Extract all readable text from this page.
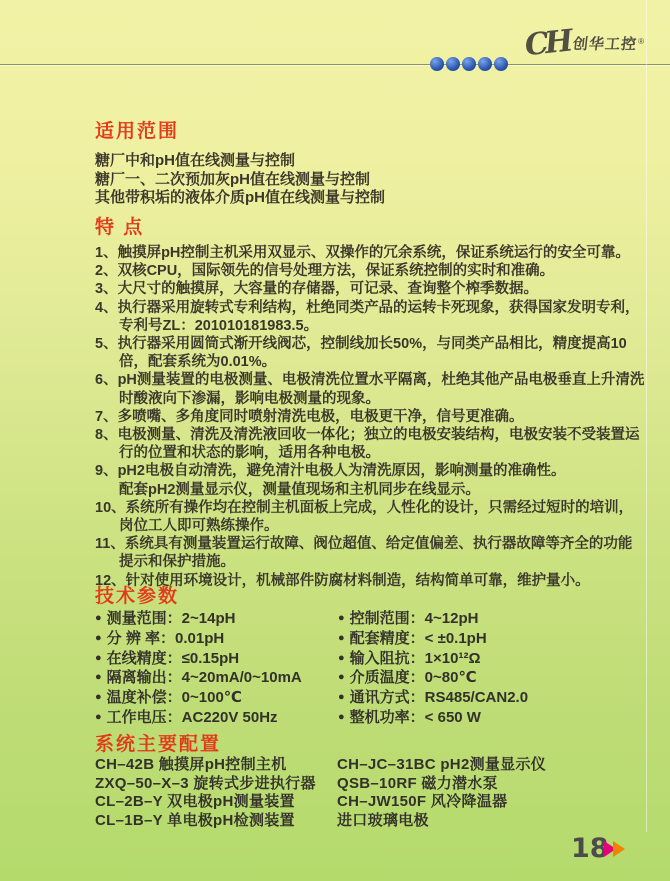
CH 创华工控 ®
适用范围
糖厂中和pH值在线测量与控制
糖厂一、二次预加灰pH值在线测量与控制
其他带积垢的液体介质pH值在线测量与控制
特 点
1、触摸屏pH控制主机采用双显示、双操作的冗余系统，保证系统运行的安全可靠。
2、双核CPU，国际领先的信号处理方法，保证系统控制的实时和准确。
3、大尺寸的触摸屏，大容量的存储器，可记录、查询整个榨季数据。
4、执行器采用旋转式专利结构，杜绝同类产品的运转卡死现象，获得国家发明专利，
专利号ZL：201010181983.5。
5、执行器采用圆筒式渐开线阀芯，控制线加长50%，与同类产品相比，精度提高10
倍，配套系统为0.01%。
6、pH测量装置的电极测量、电极清洗位置水平隔离，杜绝其他产品电极垂直上升清洗
时酸液向下渗漏，影响电极测量的现象。
7、多喷嘴、多角度同时喷射清洗电极，电极更干净，信号更准确。
8、电极测量、清洗及清洗液回收一体化；独立的电极安装结构，电极安装不受装置运
行的位置和状态的影响，适用各种电极。
9、pH2电极自动清洗，避免清汁电极人为清洗原因，影响测量的准确性。
配套pH2测量显示仪，测量值现场和主机同步在线显示。
10、系统所有操作均在控制主机面板上完成，人性化的设计，只需经过短时的培训，
岗位工人即可熟练操作。
11、系统具有测量装置运行故障、阀位超值、给定值偏差、执行器故障等齐全的功能
提示和保护措施。
12、针对使用环境设计，机械部件防腐材料制造，结构简单可靠，维护量小。
技术参数
● 测量范围：2~14pH
● 分 辨 率：0.01pH
● 在线精度：≤0.15pH
● 隔离输出：4~20mA/0~10mA
● 温度补偿：0~100℃
● 工作电压：AC220V 50Hz
● 控制范围：4~12pH
● 配套精度：< ±0.1pH
● 输入阻抗：1×10¹²Ω
● 介质温度：0~80℃
● 通讯方式：RS485/CAN2.0
● 整机功率：< 650 W
系统主要配置
CH–42B 触摸屏pH控制主机
ZXQ–50–X–3 旋转式步进执行器
CL–2B–Y 双电极pH测量装置
CL–1B–Y 单电极pH检测装置
CH–JC–31BC pH2测量显示仪
QSB–10RF 磁力潜水泵
CH–JW150F 风冷降温器
进口玻璃电极
18
